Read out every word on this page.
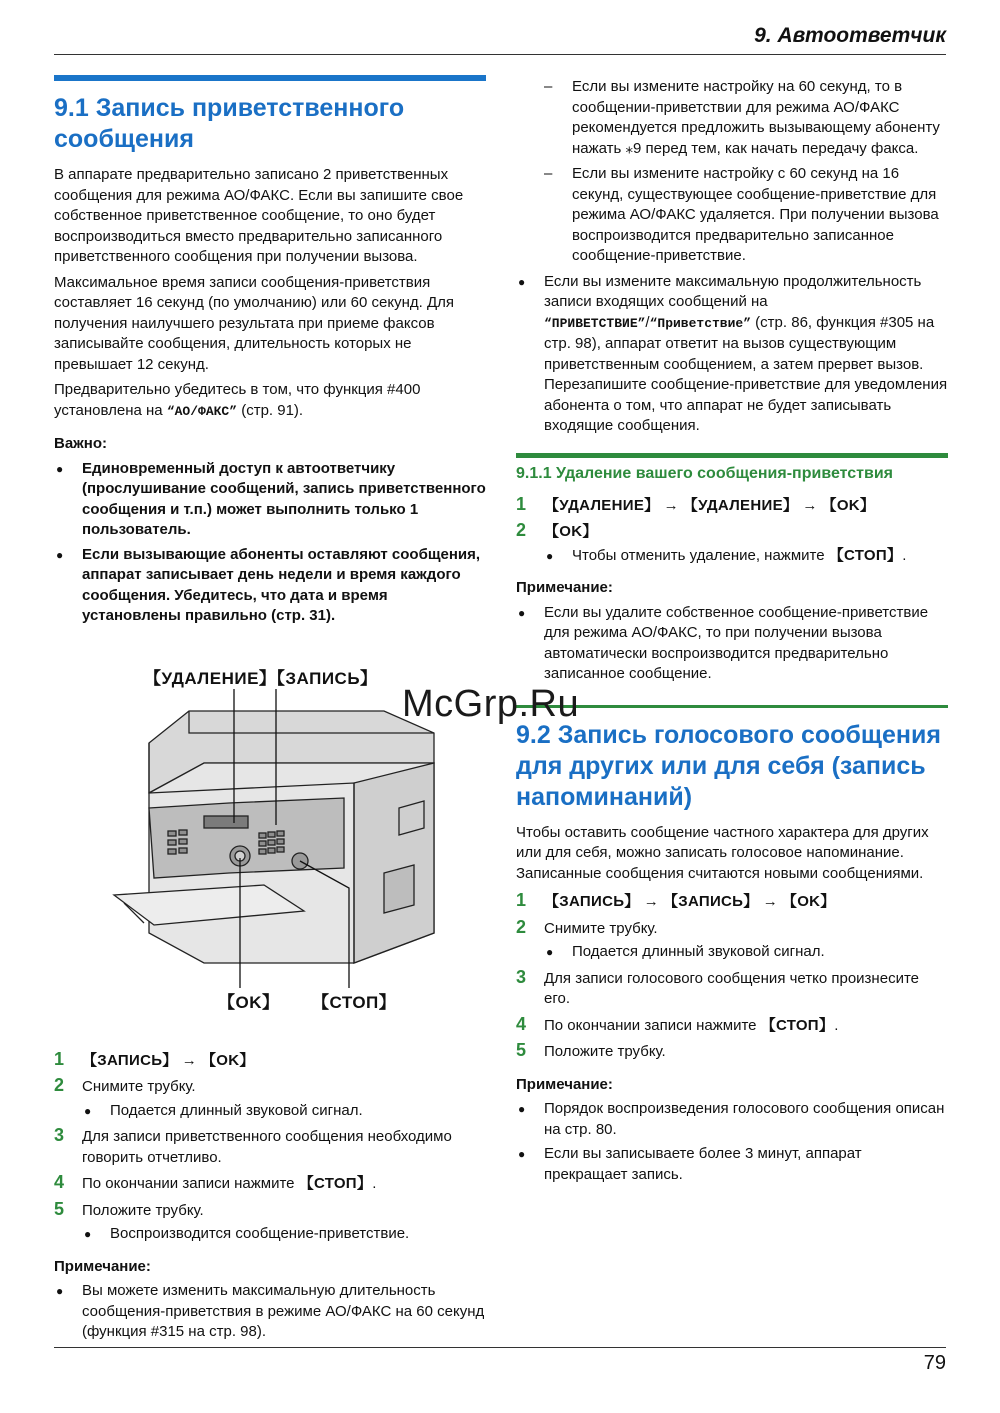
9. Автоответчик
9.1 Запись приветственного сообщения

В аппарате предварительно записано 2 приветственных сообщения для режима АО/ФАКС. Если вы запишите свое собственное приветственное сообщение, то оно будет воспроизводиться вместо предварительно записанного приветственного сообщения при получении вызова.

Максимальное время записи сообщения-приветствия составляет 16 секунд (по умолчанию) или 60 секунд. Для получения наилучшего результата при приеме факсов записывайте сообщения, длительность которых не превышает 12 секунд.

Предварительно убедитесь в том, что функция #400 установлена на “АО/ФАКС” (стр. 91).

Важно:
● Единовременный доступ к автоответчику (прослушивание сообщений, запись приветственного сообщения и т.п.) может выполнить только 1 пользователь.
● Если вызывающие абоненты оставляют сообщения, аппарат записывает день недели и время каждого сообщения. Убедитесь, что дата и время установлены правильно (стр. 31).
【УДАЛЕНИЕ】【ЗАПИСЬ】
【OK】 【СТОП】
1 【ЗАПИСЬ】 → 【OK】
2 Снимите трубку.
● Подается длинный звуковой сигнал.
3 Для записи приветственного сообщения необходимо говорить отчетливо.
4 По окончании записи нажмите 【СТОП】.
5 Положите трубку.
● Воспроизводится сообщение-приветствие.
Примечание:
● Вы можете изменить максимальную длительность сообщения-приветствия в режиме АО/ФАКС на 60 секунд (функция #315 на стр. 98).
– Если вы измените настройку на 60 секунд, то в сообщении-приветствии для режима АО/ФАКС рекомендуется предложить вызывающему абоненту нажать ⁎9 перед тем, как начать передачу факса.
– Если вы измените настройку с 60 секунд на 16 секунд, существующее сообщение-приветствие для режима АО/ФАКС удаляется. При получении вызова воспроизводится предварительно записанное сообщение-приветствие.
● Если вы измените максимальную продолжительность записи входящих сообщений на “ПРИВЕТСТВИЕ”/“Приветствие” (стр. 86, функция #305 на стр. 98), аппарат ответит на вызов существующим приветственным сообщением, а затем прервет вызов. Перезапишите сообщение-приветствие для уведомления абонента о том, что аппарат не будет записывать входящие сообщения.
9.1.1 Удаление вашего сообщения-приветствия
1 【УДАЛЕНИЕ】 → 【УДАЛЕНИЕ】 → 【OK】
2 【OK】
● Чтобы отменить удаление, нажмите 【СТОП】.
Примечание:
● Если вы удалите собственное сообщение-приветствие для режима АО/ФАКС, то при получении вызова автоматически воспроизводится предварительно записанное сообщение.
9.2 Запись голосового сообщения для других или для себя (запись напоминаний)

Чтобы оставить сообщение частного характера для других или для себя, можно записать голосовое напоминание. Записанные сообщения считаются новыми сообщениями.

1 【ЗАПИСЬ】 → 【ЗАПИСЬ】 → 【OK】
2 Снимите трубку.
● Подается длинный звуковой сигнал.
3 Для записи голосового сообщения четко произнесите его.
4 По окончании записи нажмите 【СТОП】.
5 Положите трубку.
Примечание:
● Порядок воспроизведения голосового сообщения описан на стр. 80.
● Если вы записываете более 3 минут, аппарат прекращает запись.
McGrp.Ru
79
